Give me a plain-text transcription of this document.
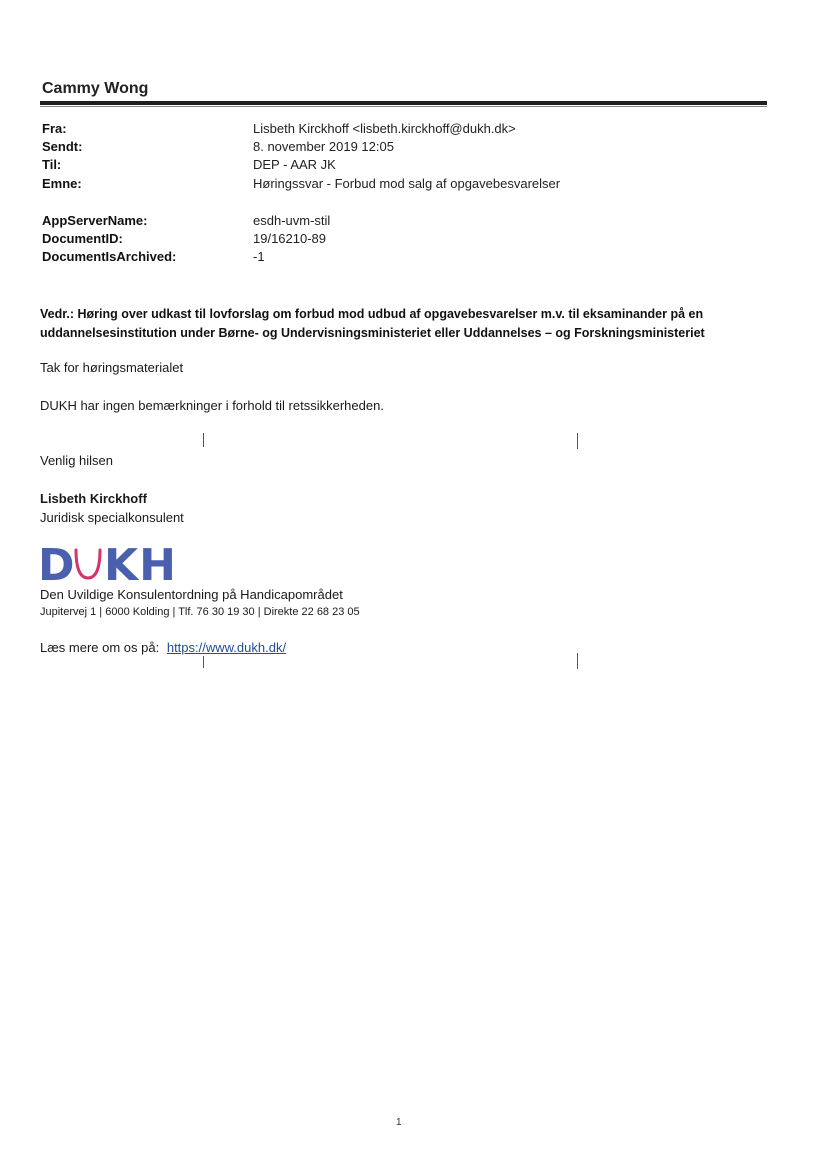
Cammy Wong
Fra:	Lisbeth Kirckhoff <lisbeth.kirckhoff@dukh.dk>
Sendt:	8. november 2019 12:05
Til:	DEP - AAR JK
Emne:	Høringssvar - Forbud mod salg af opgavebesvarelser
AppServerName:	esdh-uvm-stil
DocumentID:	19/16210-89
DocumentIsArchived:	-1
Vedr.: Høring over udkast til lovforslag om forbud mod udbud af opgavebesvarelser m.v. til eksaminander på en uddannelsesinstitution under Børne- og Undervisningsministeriet eller Uddannelses – og Forskningsministeriet
Tak for høringsmaterialet
DUKH har ingen bemærkninger i forhold til retssikkerheden.
Venlig hilsen
Lisbeth Kirckhoff
Juridisk specialkonsulent
D KH
Den Uvildige Konsulentordning på Handicapområdet
Jupitervej 1 | 6000 Kolding | Tlf. 76 30 19 30 | Direkte 22 68 23 05
Læs mere om os på: https://www.dukh.dk/
1
